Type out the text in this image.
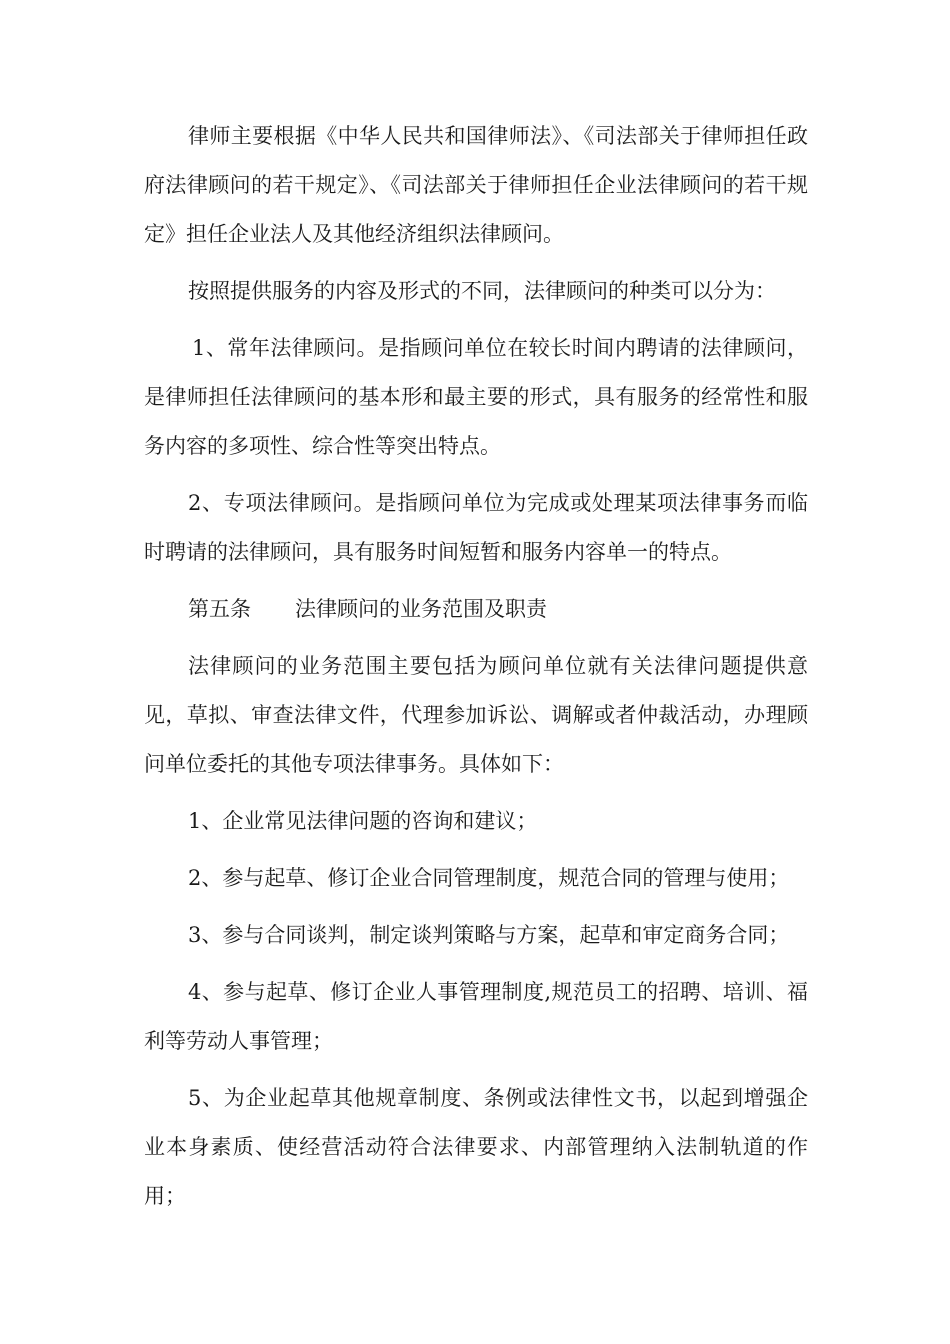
律师主要根据《中华人民共和国律师法》、《司法部关于律师担任政府法律顾问的若干规定》、《司法部关于律师担任企业法律顾问的若干规定》担任企业法人及其他经济组织法律顾问。

按照提供服务的内容及形式的不同，法律顾问的种类可以分为：

1、常年法律顾问。是指顾问单位在较长时间内聘请的法律顾问，是律师担任法律顾问的基本形和最主要的形式，具有服务的经常性和服务内容的多项性、综合性等突出特点。

2、专项法律顾问。是指顾问单位为完成或处理某项法律事务而临时聘请的法律顾问，具有服务时间短暂和服务内容单一的特点。

第五条 法律顾问的业务范围及职责

法律顾问的业务范围主要包括为顾问单位就有关法律问题提供意见，草拟、审查法律文件，代理参加诉讼、调解或者仲裁活动，办理顾问单位委托的其他专项法律事务。具体如下：

1、企业常见法律问题的咨询和建议；

2、参与起草、修订企业合同管理制度，规范合同的管理与使用；

3、参与合同谈判，制定谈判策略与方案，起草和审定商务合同；

4、参与起草、修订企业人事管理制度,规范员工的招聘、培训、福利等劳动人事管理；

5、为企业起草其他规章制度、条例或法律性文书，以起到增强企业本身素质、使经营活动符合法律要求、内部管理纳入法制轨道的作用；
